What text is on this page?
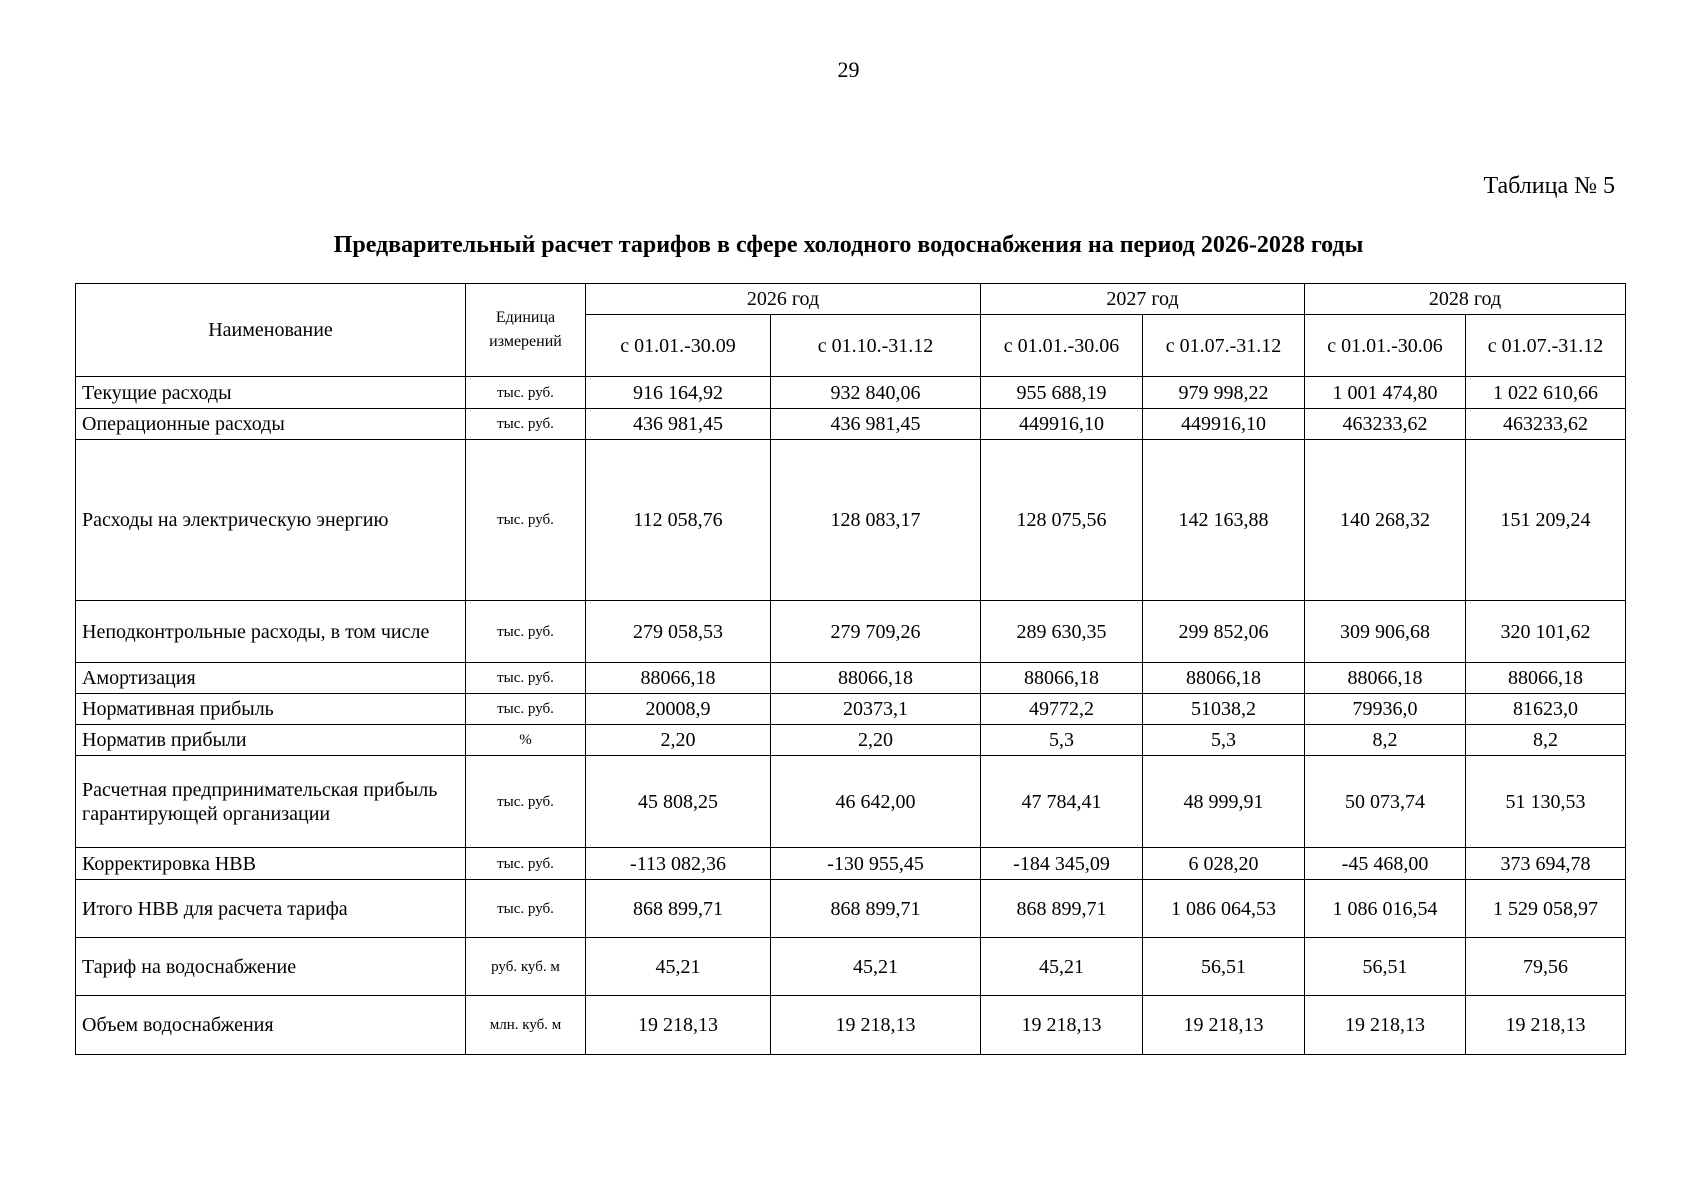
29
Таблица № 5
Предварительный расчет тарифов в сфере холодного водоснабжения на период 2026-2028 годы
Наименование	Единица измерений	2026 год		2027 год		2028 год	
		с 01.01.-30.09	с 01.10.-31.12	с 01.01.-30.06	с 01.07.-31.12	с 01.01.-30.06	с 01.07.-31.12
Текущие расходы	тыс. руб.	916 164,92	932 840,06	955 688,19	979 998,22	1 001 474,80	1 022 610,66
Операционные расходы	тыс. руб.	436 981,45	436 981,45	449916,10	449916,10	463233,62	463233,62
Расходы на электрическую энергию	тыс. руб.	112 058,76	128 083,17	128 075,56	142 163,88	140 268,32	151 209,24
Неподконтрольные расходы, в том числе	тыс. руб.	279 058,53	279 709,26	289 630,35	299 852,06	309 906,68	320 101,62
Амортизация	тыс. руб.	88066,18	88066,18	88066,18	88066,18	88066,18	88066,18
Нормативная прибыль	тыс. руб.	20008,9	20373,1	49772,2	51038,2	79936,0	81623,0
Норматив прибыли	%	2,20	2,20	5,3	5,3	8,2	8,2
Расчетная предпринимательская прибыль гарантирующей организации	тыс. руб.	45 808,25	46 642,00	47 784,41	48 999,91	50 073,74	51 130,53
Корректировка НВВ	тыс. руб.	-113 082,36	-130 955,45	-184 345,09	6 028,20	-45 468,00	373 694,78
Итого НВВ для расчета тарифа	тыс. руб.	868 899,71	868 899,71	868 899,71	1 086 064,53	1 086 016,54	1 529 058,97
Тариф на водоснабжение	руб. куб. м	45,21	45,21	45,21	56,51	56,51	79,56
Объем водоснабжения	млн. куб. м	19 218,13	19 218,13	19 218,13	19 218,13	19 218,13	19 218,13
